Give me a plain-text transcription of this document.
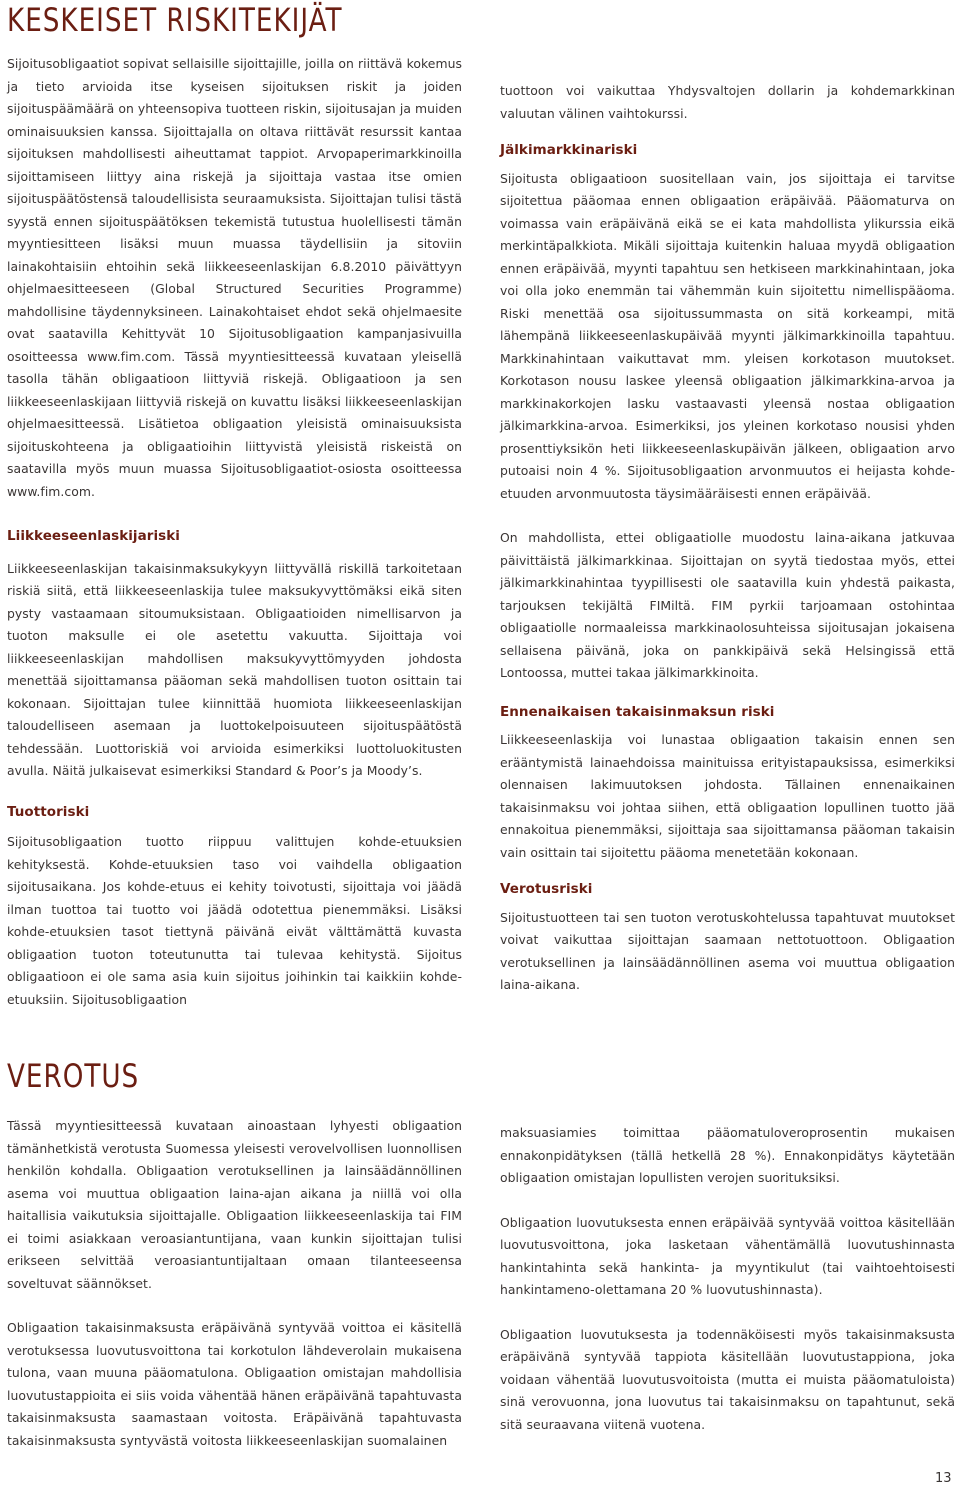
KESKEISET RISKITEKIJÄT

Sijoitusobligaatiot sopivat sellaisille sijoittajille, joilla on riittävä kokemus ja tieto arvioida itse kyseisen sijoituksen riskit ja joiden sijoituspäämäärä on yhteensopiva tuotteen riskin, sijoitusajan ja muiden ominaisuuksien kanssa. Sijoittajalla on oltava riittävät resurssit kantaa sijoituksen mahdollisesti aiheuttamat tappiot. Arvopaperimarkkinoilla sijoittamiseen liittyy aina riskejä ja sijoittaja vastaa itse omien sijoituspäätöstensä taloudellisista seuraamuksista. Sijoittajan tulisi tästä syystä ennen sijoituspäätöksen tekemistä tutustua huolellisesti tämän myyntiesitteen lisäksi muun muassa täydellisiin ja sitoviin lainakohtaisiin ehtoihin sekä liikkeeseenlaskijan 6.8.2010 päivättyyn ohjelmaesitteeseen (Global Structured Securities Programme) mahdollisine täydennyksineen. Lainakohtaiset ehdot sekä ohjelmaesite ovat saatavilla Kehittyvät 10 Sijoitusobligaation kampanjasivuilla osoitteessa www.fim.com. Tässä myyntiesitteessä kuvataan yleisellä tasolla tähän obligaatioon liittyviä riskejä. Obligaatioon ja sen liikkeeseenlaskijaan liittyviä riskejä on kuvattu lisäksi liikkeeseenlaskijan ohjelmaesitteessä. Lisätietoa obligaation yleisistä ominaisuuksista sijoituskohteena ja obligaatioihin liittyvistä yleisistä riskeistä on saatavilla myös muun muassa Sijoitusobligaatiot-osiosta osoitteessa www.fim.com.

Liikkeeseenlaskijariski

Liikkeeseenlaskijan takaisinmaksukykyyn liittyvällä riskillä tarkoitetaan riskiä siitä, että liikkeeseenlaskija tulee maksukyvyttömäksi eikä siten pysty vastaamaan sitoumuksistaan. Obligaatioiden nimellisarvon ja tuoton maksulle ei ole asetettu vakuutta. Sijoittaja voi liikkeeseenlaskijan mahdollisen maksukyvyttömyyden johdosta menettää sijoittamansa pääoman sekä mahdollisen tuoton osittain tai kokonaan. Sijoittajan tulee kiinnittää huomiota liikkeeseenlaskijan taloudelliseen asemaan ja luottokelpoisuuteen sijoituspäätöstä tehdessään. Luottoriskiä voi arvioida esimerkiksi luottoluokitusten avulla. Näitä julkaisevat esimerkiksi Standard & Poor’s ja Moody’s.

Tuottoriski

Sijoitusobligaation tuotto riippuu valittujen kohde-etuuksien kehityksestä. Kohde-etuuksien taso voi vaihdella obligaation sijoitusaikana. Jos kohde-etuus ei kehity toivotusti, sijoittaja voi jäädä ilman tuottoa tai tuotto voi jäädä odotettua pienemmäksi. Lisäksi kohde-etuuksien tasot tiettynä päivänä eivät välttämättä kuvasta obligaation tuoton toteutunutta tai tulevaa kehitystä. Sijoitus obligaatioon ei ole sama asia kuin sijoitus joihinkin tai kaikkiin kohde-etuuksiin. Sijoitusobligaation

tuottoon voi vaikuttaa Yhdysvaltojen dollarin ja kohdemarkkinan valuutan välinen vaihtokurssi.

Jälkimarkkinariski

Sijoitusta obligaatioon suositellaan vain, jos sijoittaja ei tarvitse sijoitettua pääomaa ennen obligaation eräpäivää. Pääomaturva on voimassa vain eräpäivänä eikä se ei kata mahdollista ylikurssia eikä merkintäpalkkiota. Mikäli sijoittaja kuitenkin haluaa myydä obligaation ennen eräpäivää, myynti tapahtuu sen hetkiseen markkinahintaan, joka voi olla joko enemmän tai vähemmän kuin sijoitettu nimellispääoma. Riski menettää osa sijoitussummasta on sitä korkeampi, mitä lähempänä liikkeeseenlaskupäivää myynti jälkimarkkinoilla tapahtuu. Markkinahintaan vaikuttavat mm. yleisen korkotason muutokset. Korkotason nousu laskee yleensä obligaation jälkimarkkina-arvoa ja markkinakorkojen lasku vastaavasti yleensä nostaa obligaation jälkimarkkina-arvoa. Esimerkiksi, jos yleinen korkotaso nousisi yhden prosenttiyksikön heti liikkeeseenlaskupäivän jälkeen, obligaation arvo putoaisi noin 4 %. Sijoitusobligaation arvonmuutos ei heijasta kohde-etuuden arvonmuutosta täysimääräisesti ennen eräpäivää.

On mahdollista, ettei obligaatiolle muodostu laina-aikana jatkuvaa päivittäistä jälkimarkkinaa. Sijoittajan on syytä tiedostaa myös, ettei jälkimarkkinahintaa tyypillisesti ole saatavilla kuin yhdestä paikasta, tarjouksen tekijältä FIMiltä. FIM pyrkii tarjoamaan ostohintaa obligaatiolle normaaleissa markkinaolosuhteissa sijoitusajan jokaisena sellaisena päivänä, joka on pankkipäivä sekä Helsingissä että Lontoossa, muttei takaa jälkimarkkinoita.

Ennenaikaisen takaisinmaksun riski

Liikkeeseenlaskija voi lunastaa obligaation takaisin ennen sen erääntymistä lainaehdoissa mainituissa erityistapauksissa, esimerkiksi olennaisen lakimuutoksen johdosta. Tällainen ennenaikainen takaisinmaksu voi johtaa siihen, että obligaation lopullinen tuotto jää ennakoitua pienemmäksi, sijoittaja saa sijoittamansa pääoman takaisin vain osittain tai sijoitettu pääoma menetetään kokonaan.

Verotusriski

Sijoitustuotteen tai sen tuoton verotuskohtelussa tapahtuvat muutokset voivat vaikuttaa sijoittajan saamaan nettotuottoon. Obligaation verotuksellinen ja lainsäädännöllinen asema voi muuttua obligaation laina-aikana.

VEROTUS

Tässä myyntiesitteessä kuvataan ainoastaan lyhyesti obligaation tämänhetkistä verotusta Suomessa yleisesti verovelvollisen luonnollisen henkilön kohdalla. Obligaation verotuksellinen ja lainsäädännöllinen asema voi muuttua obligaation laina-ajan aikana ja niillä voi olla haitallisia vaikutuksia sijoittajalle. Obligaation liikkeeseenlaskija tai FIM ei toimi asiakkaan veroasiantuntijana, vaan kunkin sijoittajan tulisi erikseen selvittää veroasiantuntijaltaan omaan tilanteeseensa soveltuvat säännökset.

Obligaation takaisinmaksusta eräpäivänä syntyvää voittoa ei käsitellä verotuksessa luovutusvoittona tai korkotulon lähdeverolain mukaisena tulona, vaan muuna pääomatulona. Obligaation omistajan mahdollisia luovutustappioita ei siis voida vähentää hänen eräpäivänä tapahtuvasta takaisinmaksusta saamastaan voitosta. Eräpäivänä tapahtuvasta takaisinmaksusta syntyvästä voitosta liikkeeseenlaskijan suomalainen

maksuasiamies toimittaa pääomatuloveroprosentin mukaisen ennakonpidätyksen (tällä hetkellä 28 %). Ennakonpidätys käytetään obligaation omistajan lopullisten verojen suorituksiksi.

Obligaation luovutuksesta ennen eräpäivää syntyvää voittoa käsitellään luovutusvoittona, joka lasketaan vähentämällä luovutushinnasta hankintahinta sekä hankinta- ja myyntikulut (tai vaihtoehtoisesti hankintameno-olettamana 20 % luovutushinnasta).

Obligaation luovutuksesta ja todennäköisesti myös takaisinmaksusta eräpäivänä syntyvää tappiota käsitellään luovutustappiona, joka voidaan vähentää luovutusvoitoista (mutta ei muista pääomatuloista) sinä verovuonna, jona luovutus tai takaisinmaksu on tapahtunut, sekä sitä seuraavana viitenä vuotena.

13
